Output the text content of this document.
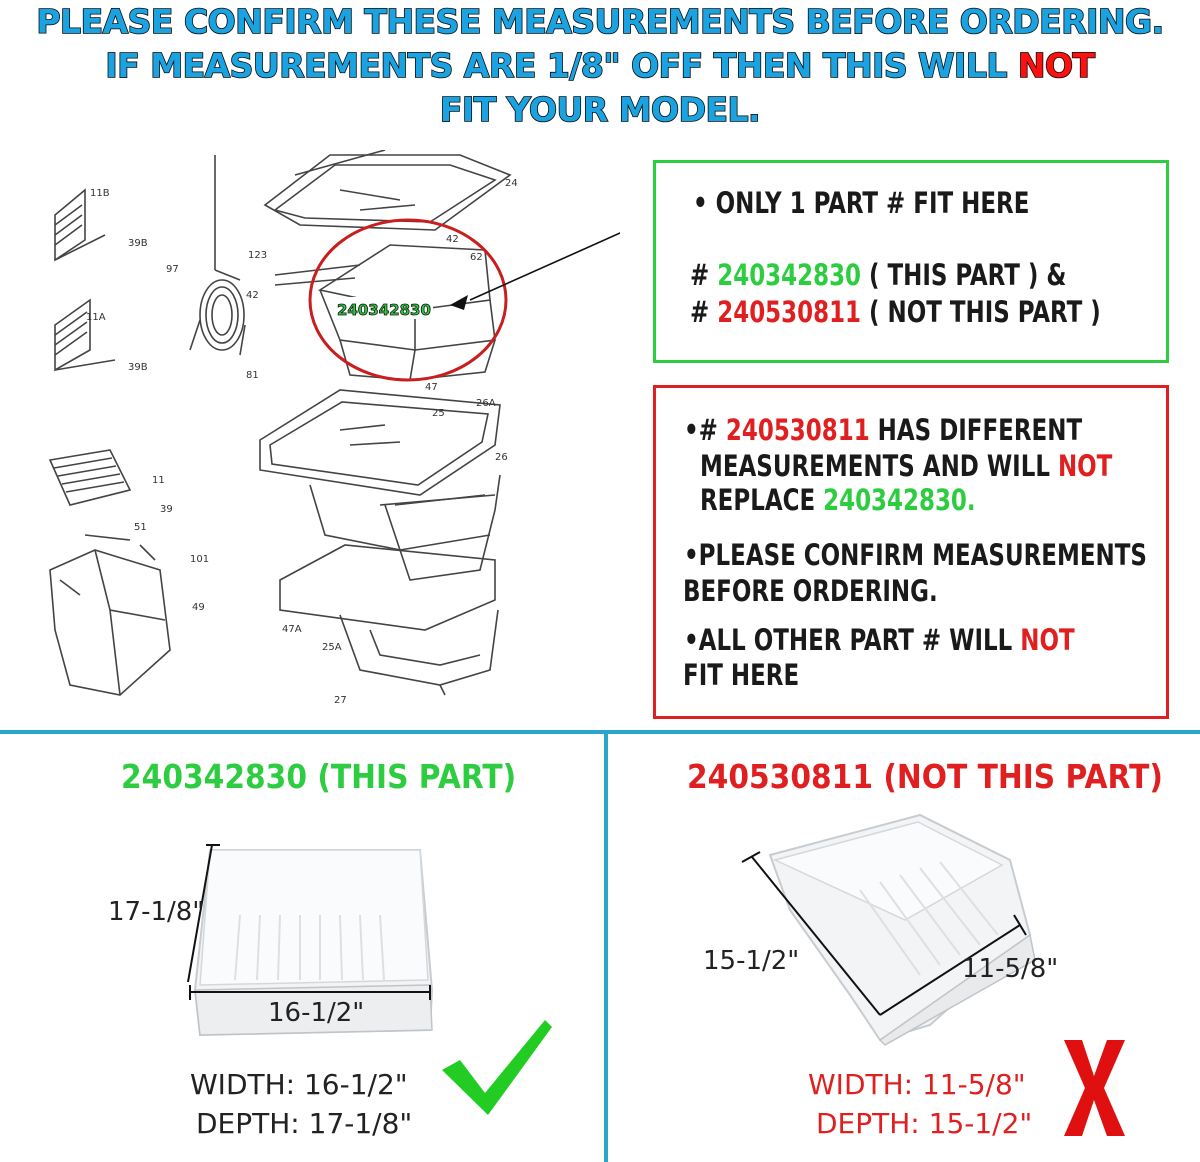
PLEASE CONFIRM THESE MEASUREMENTS BEFORE ORDERING.
IF MEASUREMENTS ARE 1/8" OFF THEN THIS WILL NOT
FIT YOUR MODEL.
11B
39B
97
123
42
24
42
62
11A
39B
81
47
25
26A
26
11
39
51
101
49
47A
25A
27
240342830
• ONLY 1 PART # FIT HERE
# 240342830 ( THIS PART ) &
# 240530811 ( NOT THIS PART )
•# 240530811 HAS DIFFERENT
MEASUREMENTS AND WILL NOT
REPLACE 240342830.
•PLEASE CONFIRM MEASUREMENTS
BEFORE ORDERING.
•ALL OTHER PART # WILL NOT
FIT HERE
240342830 (THIS PART)
17-1/8"
16-1/2"
WIDTH: 16-1/2"
DEPTH: 17-1/8"
240530811 (NOT THIS PART)
15-1/2"	11-5/8"
WIDTH: 11-5/8"
DEPTH: 15-1/2"
